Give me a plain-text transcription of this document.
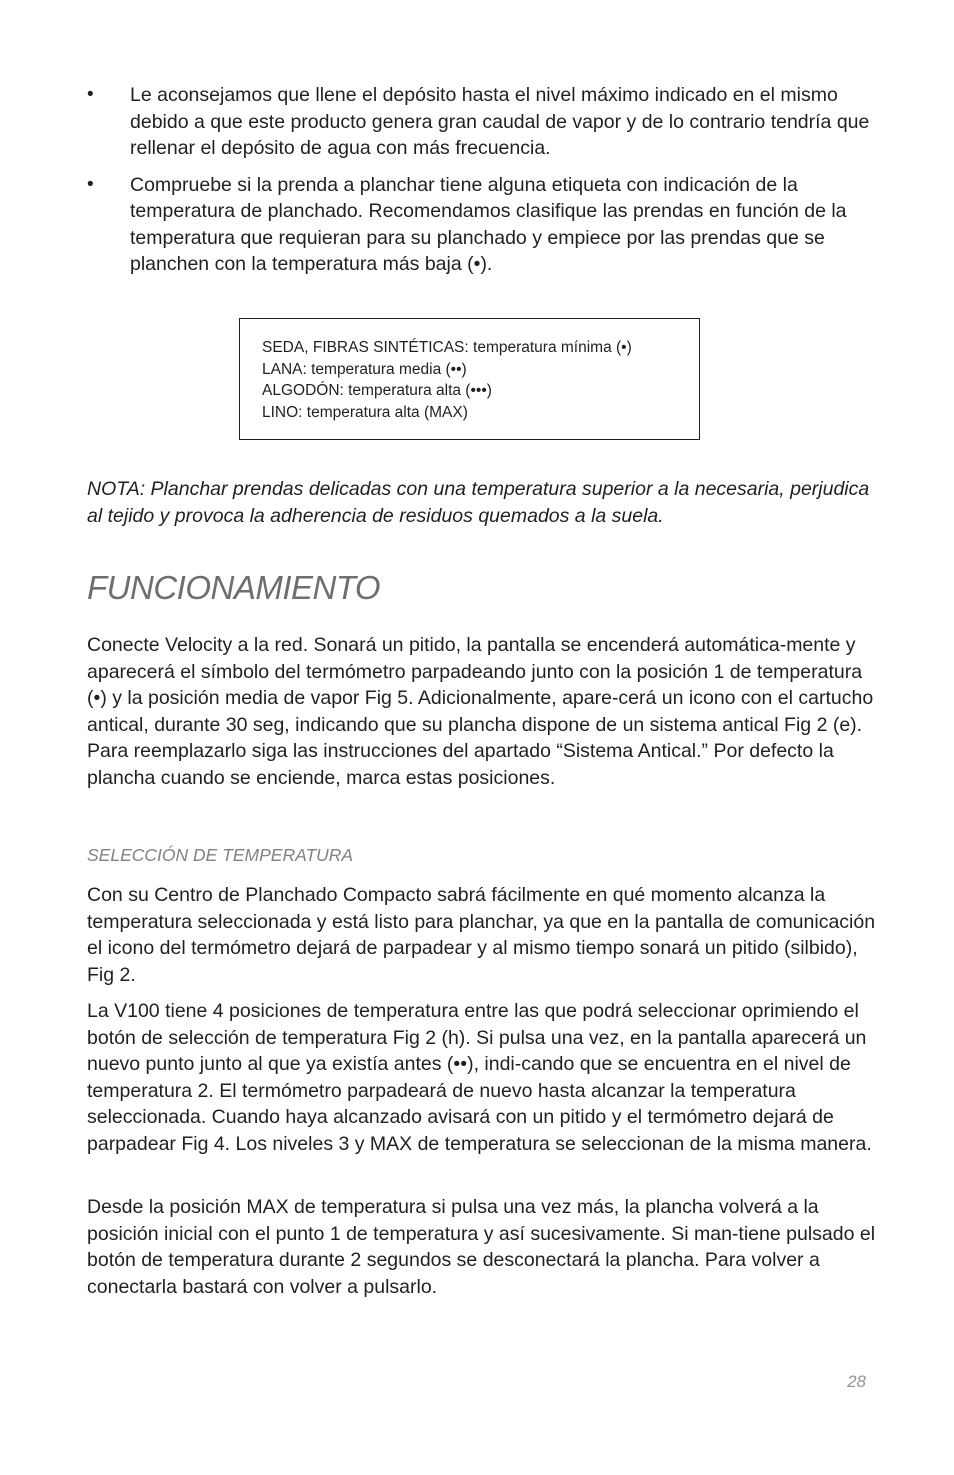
• Le aconsejamos que llene el depósito hasta el nivel máximo indicado en el mismo debido a que este producto genera gran caudal de vapor y de lo contrario tendría que rellenar el depósito de agua con más frecuencia.
• Compruebe si la prenda a planchar tiene alguna etiqueta con indicación de la temperatura de planchado. Recomendamos clasifique las prendas en función de la temperatura que requieran para su planchado y empiece por las prendas que se planchen con la temperatura más baja (•).
SEDA, FIBRAS SINTÉTICAS: temperatura mínima (•)
LANA: temperatura media (••)
ALGODÓN: temperatura alta (•••)
LINO: temperatura alta (MAX)

NOTA: Planchar prendas delicadas con una temperatura superior a la necesaria, perjudica al tejido y provoca la adherencia de residuos quemados a la suela.

FUNCIONAMIENTO

Conecte Velocity a la red. Sonará un pitido, la pantalla se encenderá automática-mente y aparecerá el símbolo del termómetro parpadeando junto con la posición 1 de temperatura (•) y la posición media de vapor Fig 5. Adicionalmente, apare-cerá un icono con el cartucho antical, durante 30 seg, indicando que su plancha dispone de un sistema antical Fig 2 (e). Para reemplazarlo siga las instrucciones del apartado “Sistema Antical.” Por defecto la plancha cuando se enciende, marca estas posiciones.

SELECCIÓN DE TEMPERATURA

Con su Centro de Planchado Compacto sabrá fácilmente en qué momento alcanza la temperatura seleccionada y está listo para planchar, ya que en la pantalla de comunicación el icono del termómetro dejará de parpadear y al mismo tiempo sonará un pitido (silbido), Fig 2.

La V100 tiene 4 posiciones de temperatura entre las que podrá seleccionar oprimiendo el botón de selección de temperatura Fig 2 (h). Si pulsa una vez, en la pantalla aparecerá un nuevo punto junto al que ya existía antes (••), indi-cando que se encuentra en el nivel de temperatura 2. El termómetro parpadeará de nuevo hasta alcanzar la temperatura seleccionada. Cuando haya alcanzado avisará con un pitido y el termómetro dejará de parpadear Fig 4. Los niveles 3 y MAX de temperatura se seleccionan de la misma manera.

Desde la posición MAX de temperatura si pulsa una vez más, la plancha volverá a la posición inicial con el punto 1 de temperatura y así sucesivamente. Si man-tiene pulsado el botón de temperatura durante 2 segundos se desconectará la plancha. Para volver a conectarla bastará con volver a pulsarlo.

28
